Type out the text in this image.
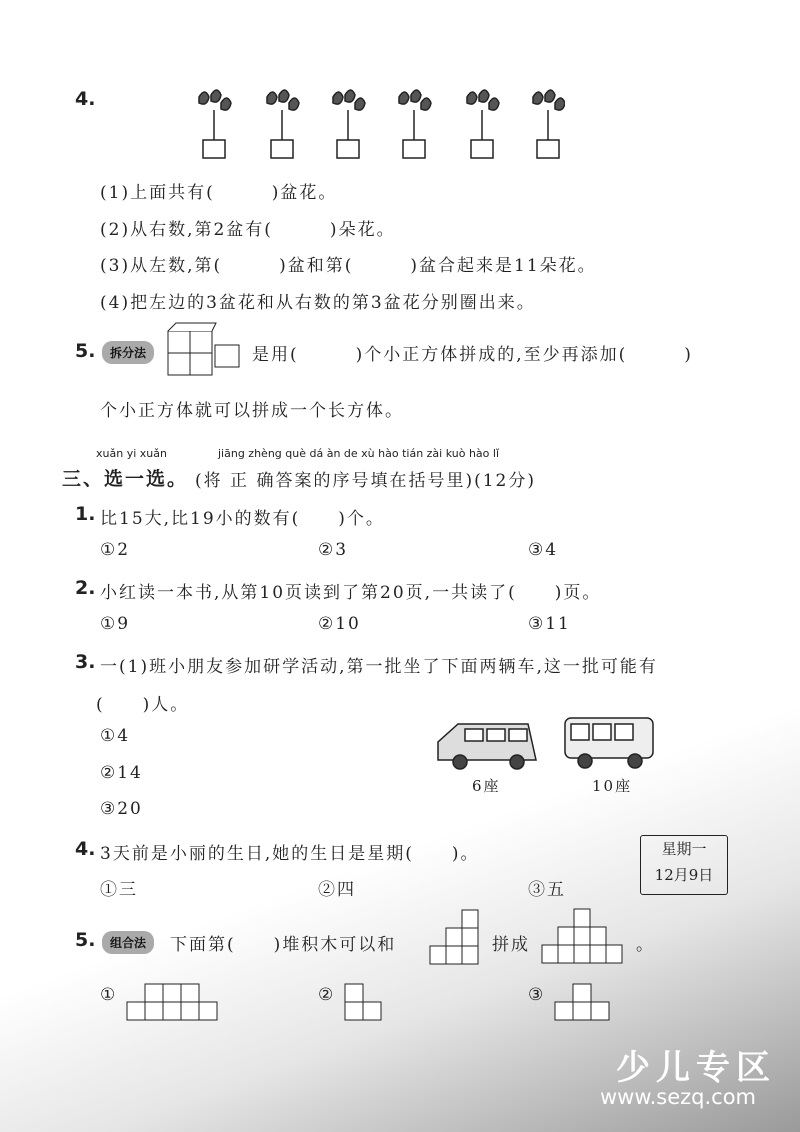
4.
(1)上面共有(　　　)盆花。
(2)从右数,第2盆有(　　　)朵花。
(3)从左数,第(　　　)盆和第(　　　)盆合起来是11朵花。
(4)把左边的3盆花和从右数的第3盆花分别圈出来。
5.	拆分法	是用(　　　)个小正方体拼成的,至少再添加(　　　)
个小正方体就可以拼成一个长方体。
xuǎn yi xuǎn	jiāng zhèng què dá àn de xù hào tián zài kuò hào lǐ
三、选一选。 (将 正 确答案的序号填在括号里)(12分)
1. 比15大,比19小的数有(　　)个。
①2	②3	③4
2. 小红读一本书,从第10页读到了第20页,一共读了(　　)页。
①9	②10	③11
3. 一(1)班小朋友参加研学活动,第一批坐了下面两辆车,这一批可能有
(　　)人。
①4
②14
③20
6座	10座
4. 3天前是小丽的生日,她的生日是星期(　　)。
①三	②四	③五
星期一
12月9日
5.	组合法	下面第(　　)堆积木可以和	拼成	。
①	②	③
少儿专区
www.sezq.com
